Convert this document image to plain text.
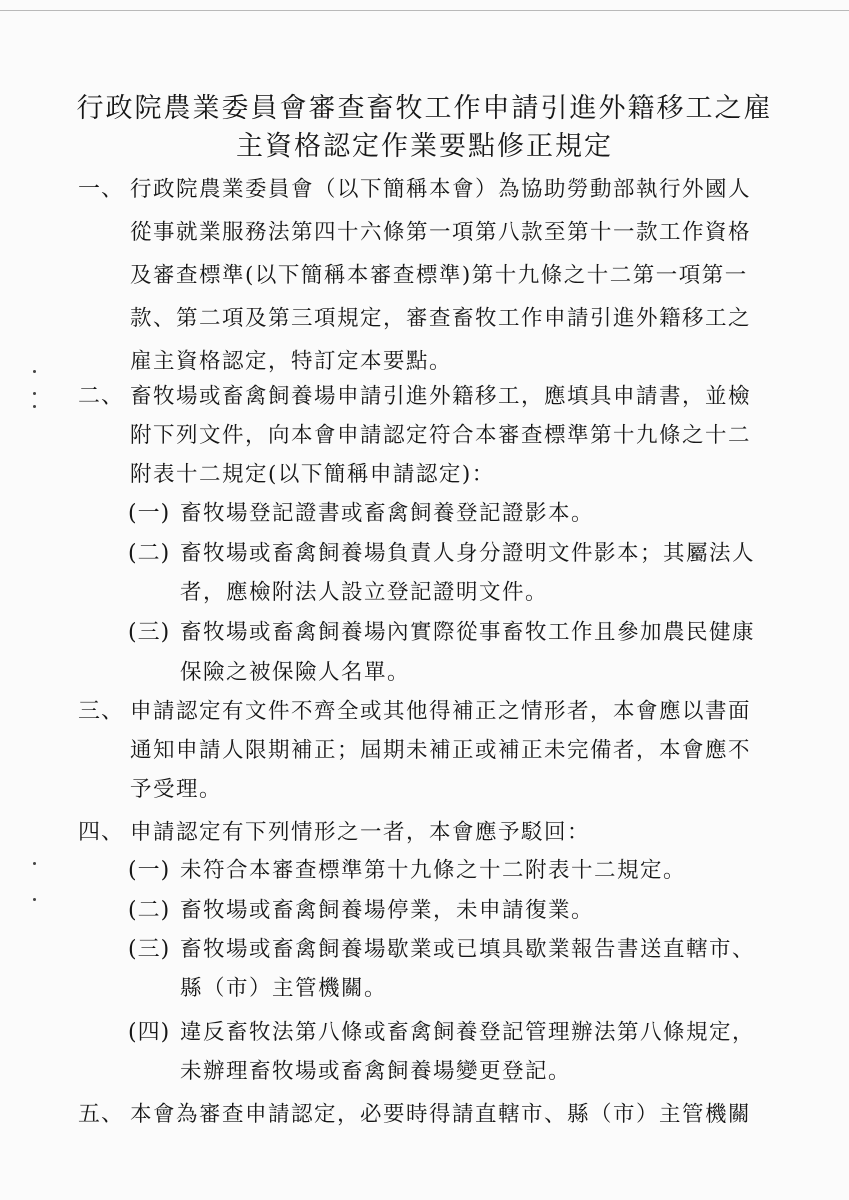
行政院農業委員會審查畜牧工作申請引進外籍移工之雇
主資格認定作業要點修正規定
一、 行政院農業委員會（以下簡稱本會）為協助勞動部執行外國人
從事就業服務法第四十六條第一項第八款至第十一款工作資格
及審查標準(以下簡稱本審查標準)第十九條之十二第一項第一
款、第二項及第三項規定，審查畜牧工作申請引進外籍移工之
雇主資格認定，特訂定本要點。
二、 畜牧場或畜禽飼養場申請引進外籍移工，應填具申請書，並檢
附下列文件，向本會申請認定符合本審查標準第十九條之十二
附表十二規定(以下簡稱申請認定)：
(一) 畜牧場登記證書或畜禽飼養登記證影本。
(二) 畜牧場或畜禽飼養場負責人身分證明文件影本；其屬法人
者，應檢附法人設立登記證明文件。
(三) 畜牧場或畜禽飼養場內實際從事畜牧工作且參加農民健康
保險之被保險人名單。
三、 申請認定有文件不齊全或其他得補正之情形者，本會應以書面
通知申請人限期補正；屆期未補正或補正未完備者，本會應不
予受理。
四、 申請認定有下列情形之一者，本會應予駁回：
(一) 未符合本審查標準第十九條之十二附表十二規定。
(二) 畜牧場或畜禽飼養場停業，未申請復業。
(三) 畜牧場或畜禽飼養場歇業或已填具歇業報告書送直轄市、
縣（市）主管機關。
(四) 違反畜牧法第八條或畜禽飼養登記管理辦法第八條規定，
未辦理畜牧場或畜禽飼養場變更登記。
五、 本會為審查申請認定，必要時得請直轄市、縣（市）主管機關
